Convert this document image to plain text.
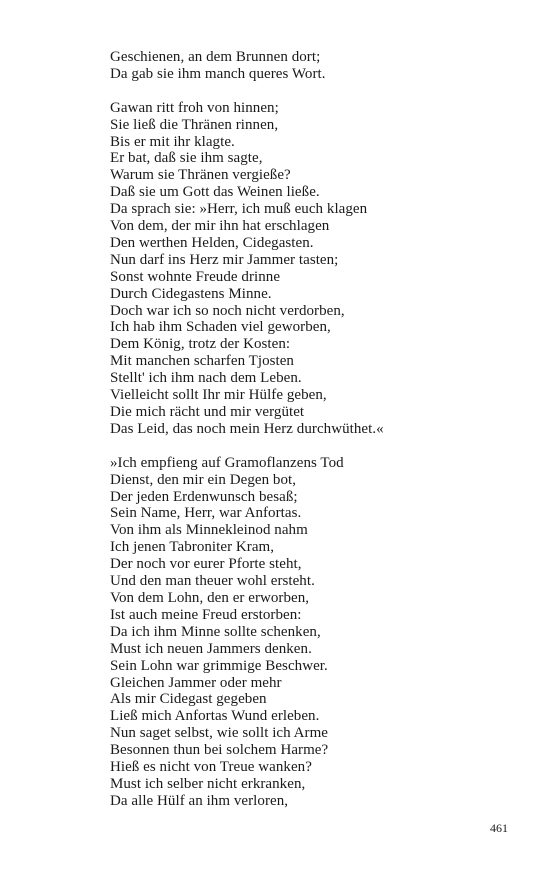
Geschienen, an dem Brunnen dort;
Da gab sie ihm manch queres Wort.
Gawan ritt froh von hinnen;
Sie ließ die Thränen rinnen,
Bis er mit ihr klagte.
Er bat, daß sie ihm sagte,
Warum sie Thränen vergieße?
Daß sie um Gott das Weinen ließe.
Da sprach sie: »Herr, ich muß euch klagen
Von dem, der mir ihn hat erschlagen
Den werthen Helden, Cidegasten.
Nun darf ins Herz mir Jammer tasten;
Sonst wohnte Freude drinne
Durch Cidegastens Minne.
Doch war ich so noch nicht verdorben,
Ich hab ihm Schaden viel geworben,
Dem König, trotz der Kosten:
Mit manchen scharfen Tjosten
Stellt' ich ihm nach dem Leben.
Vielleicht sollt Ihr mir Hülfe geben,
Die mich rächt und mir vergütet
Das Leid, das noch mein Herz durchwüthet.«
»Ich empfieng auf Gramoflanzens Tod
Dienst, den mir ein Degen bot,
Der jeden Erdenwunsch besaß;
Sein Name, Herr, war Anfortas.
Von ihm als Minnekleinod nahm
Ich jenen Tabroniter Kram,
Der noch vor eurer Pforte steht,
Und den man theuer wohl ersteht.
Von dem Lohn, den er erworben,
Ist auch meine Freud erstorben:
Da ich ihm Minne sollte schenken,
Must ich neuen Jammers denken.
Sein Lohn war grimmige Beschwer.
Gleichen Jammer oder mehr
Als mir Cidegast gegeben
Ließ mich Anfortas Wund erleben.
Nun saget selbst, wie sollt ich Arme
Besonnen thun bei solchem Harme?
Hieß es nicht von Treue wanken?
Must ich selber nicht erkranken,
Da alle Hülf an ihm verloren,
461
